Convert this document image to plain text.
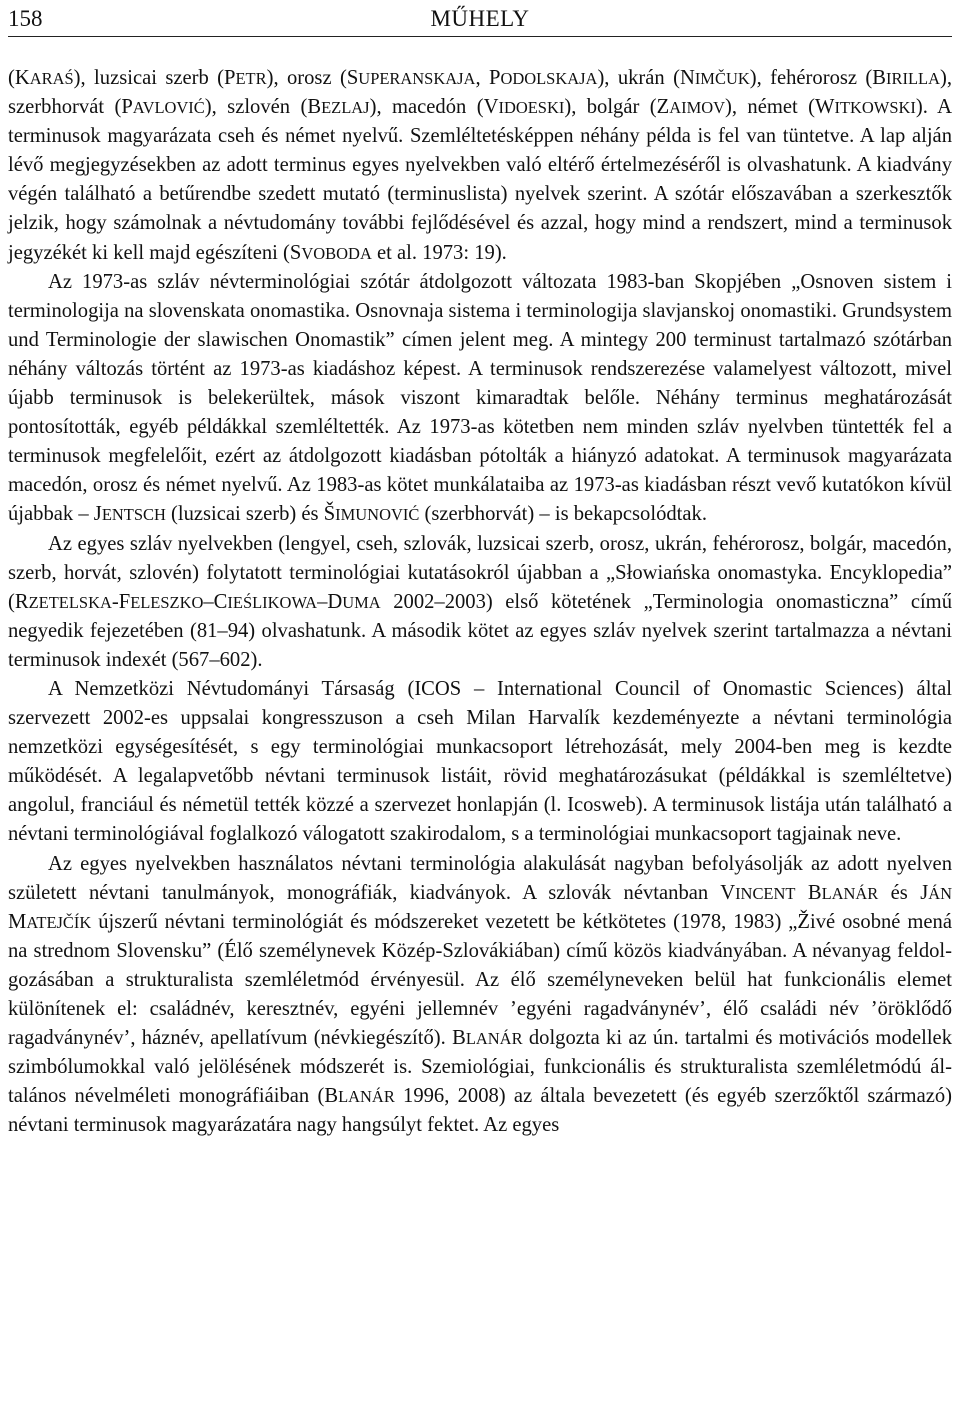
158	MŰHELY

(KARAŚ), luzsicai szerb (PETR), orosz (SUPERANSKAJA, PODOLSKAJA), ukrán (NIMČUK), fehérorosz (BIRILLA), szerbhorvát (PAVLOVIĆ), szlovén (BEZLAJ), macedón (VIDOESKI), bolgár (ZAIMOV), német (WITKOWSKI). A terminusok magyarázata cseh és német nyelvű. Szemléltetésképpen néhány példa is fel van tüntetve. A lap alján lévő megjegyzésekben az adott terminus egyes nyelvekben való eltérő értelmezéséről is olvashatunk. A kiadvány végén található a betűrendbe szedett mutató (terminuslista) nyelvek szerint. A szótár előszavában a szerkesztők jelzik, hogy számolnak a névtudomány további fejlődésével és azzal, hogy mind a rendszert, mind a terminusok jegyzékét ki kell majd egészíteni (SVOBODA et al. 1973: 19).

Az 1973-as szláv névterminológiai szótár átdolgozott változata 1983-ban Skopjében „Osnoven sistem i terminologija na slovenskata onomastika. Osnovnaja sistema i terminologija slavjanskoj onomastiki. Grundsystem und Terminologie der slawischen Onomastik” címen jelent meg. A mintegy 200 terminust tartalmazó szótárban néhány változás történt az 1973-as kiadáshoz képest. A terminusok rendszerezése valamelyest változott, mivel újabb terminusok is belekerültek, mások viszont kimaradtak belőle. Néhány terminus meghatározását pontosították, egyéb példákkal szemléltették. Az 1973-as kötetben nem minden szláv nyelvben tüntették fel a terminusok megfelelőit, ezért az átdolgozott kiadásban pótolták a hiányzó adatokat. A terminusok magyarázata macedón, orosz és német nyelvű. Az 1983-as kötet munkálataiba az 1973-as kiadásban részt vevő kutatókon kívül újabbak – JENTSCH (luzsicai szerb) és ŠIMUNOVIĆ (szerbhorvát) – is bekapcsolódtak.

Az egyes szláv nyelvekben (lengyel, cseh, szlovák, luzsicai szerb, orosz, ukrán, fehérorosz, bolgár, macedón, szerb, horvát, szlovén) folytatott terminológiai kutatásokról újabban a „Słowiańska onomastyka. Encyklopedia” (RZETELSKA-FELESZKO–CIEŚLIKOWA–DUMA 2002–2003) első kötetének „Terminologia onomasticzna” című negyedik fejezetében (81–94) olvashatunk. A második kötet az egyes szláv nyelvek szerint tartalmazza a névtani terminusok indexét (567–602).

A Nemzetközi Névtudományi Társaság (ICOS – International Council of Onomastic Sciences) által szervezett 2002-es uppsalai kongresszuson a cseh Milan Harvalík kezdeményezte a névtani terminológia nemzetközi egységesítését, s egy terminológiai munkacsoport létrehozását, mely 2004-ben meg is kezdte működését. A legalapvetőbb névtani terminusok listáit, rövid meghatározásukat (példákkal is szemléltetve) angolul, franciául és németül tették közzé a szervezet honlapján (l. Icosweb). A terminusok listája után található a névtani terminológiával foglalkozó válogatott szakirodalom, s a terminológiai munkacsoport tagjainak neve.

Az egyes nyelvekben használatos névtani terminológia alakulását nagyban befolyásolják az adott nyelven született névtani tanulmányok, monográfiák, kiadványok. A szlovák névtanban VINCENT BLANÁR és JÁN MATEJČÍK újszerű névtani terminológiát és módszereket vezetett be kétkötetes (1978, 1983) „Živé osobné mená na strednom Slovensku” (Élő személynevek Közép-Szlovákiában) című közös kiadványában. A névanyag feldolgozásában a strukturalista szemléletmód érvényesül. Az élő személyneveken belül hat funkcionális elemet különítenek el: családnév, keresztnév, egyéni jellemnév ’egyéni ragadványnév’, élő családi név ’öröklődő ragadványnév’, háznév, apellatívum (névkiegészítő). BLANÁR dolgozta ki az ún. tartalmi és motivációs modellek szimbólumokkal való jelölésének módszerét is. Szemiológiai, funkcionális és strukturalista szemléletmódú általános névelméleti monográfiáiban (BLANÁR 1996, 2008) az általa bevezetett (és egyéb szerzőktől származó) névtani terminusok magyarázatára nagy hangsúlyt fektet. Az egyes
